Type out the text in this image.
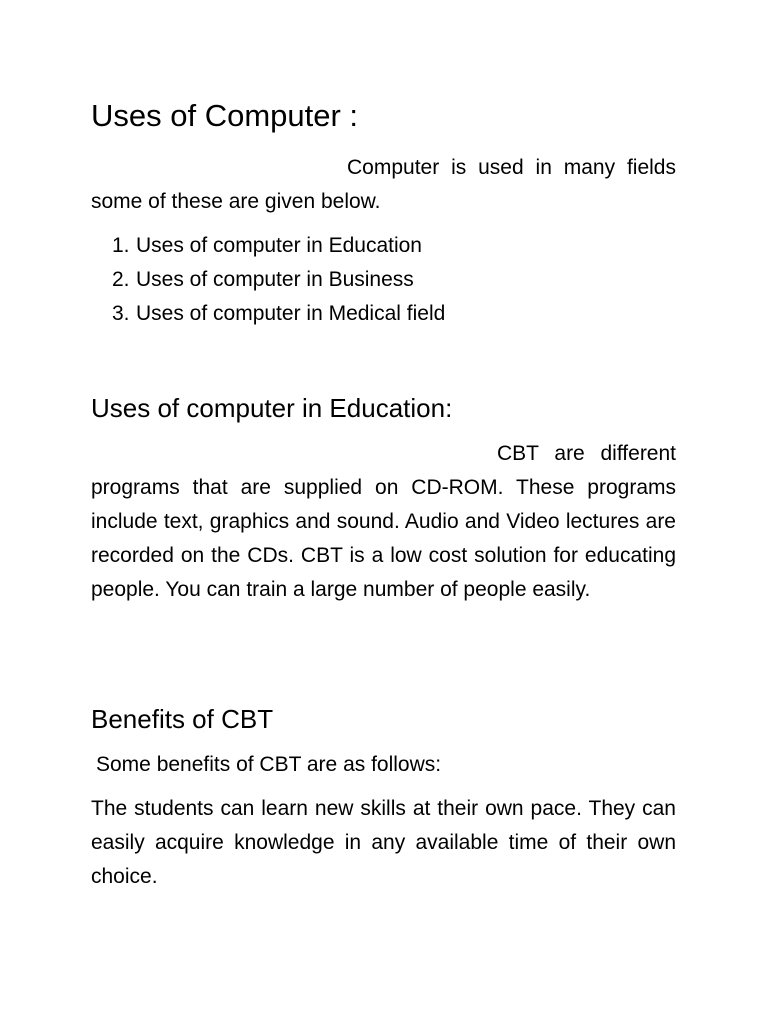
Uses of Computer :

Computer is used in many fields some of these are given below.

1. Uses of computer in Education
2. Uses of computer in Business
3. Uses of computer in Medical field
Uses of computer in Education:

CBT are different programs that are supplied on CD-ROM. These programs include text, graphics and sound. Audio and Video lectures are recorded on the CDs. CBT is a low cost solution for educating people. You can train a large number of people easily.

Benefits of CBT

Some benefits of CBT are as follows:

The students can learn new skills at their own pace. They can easily acquire knowledge in any available time of their own choice.
